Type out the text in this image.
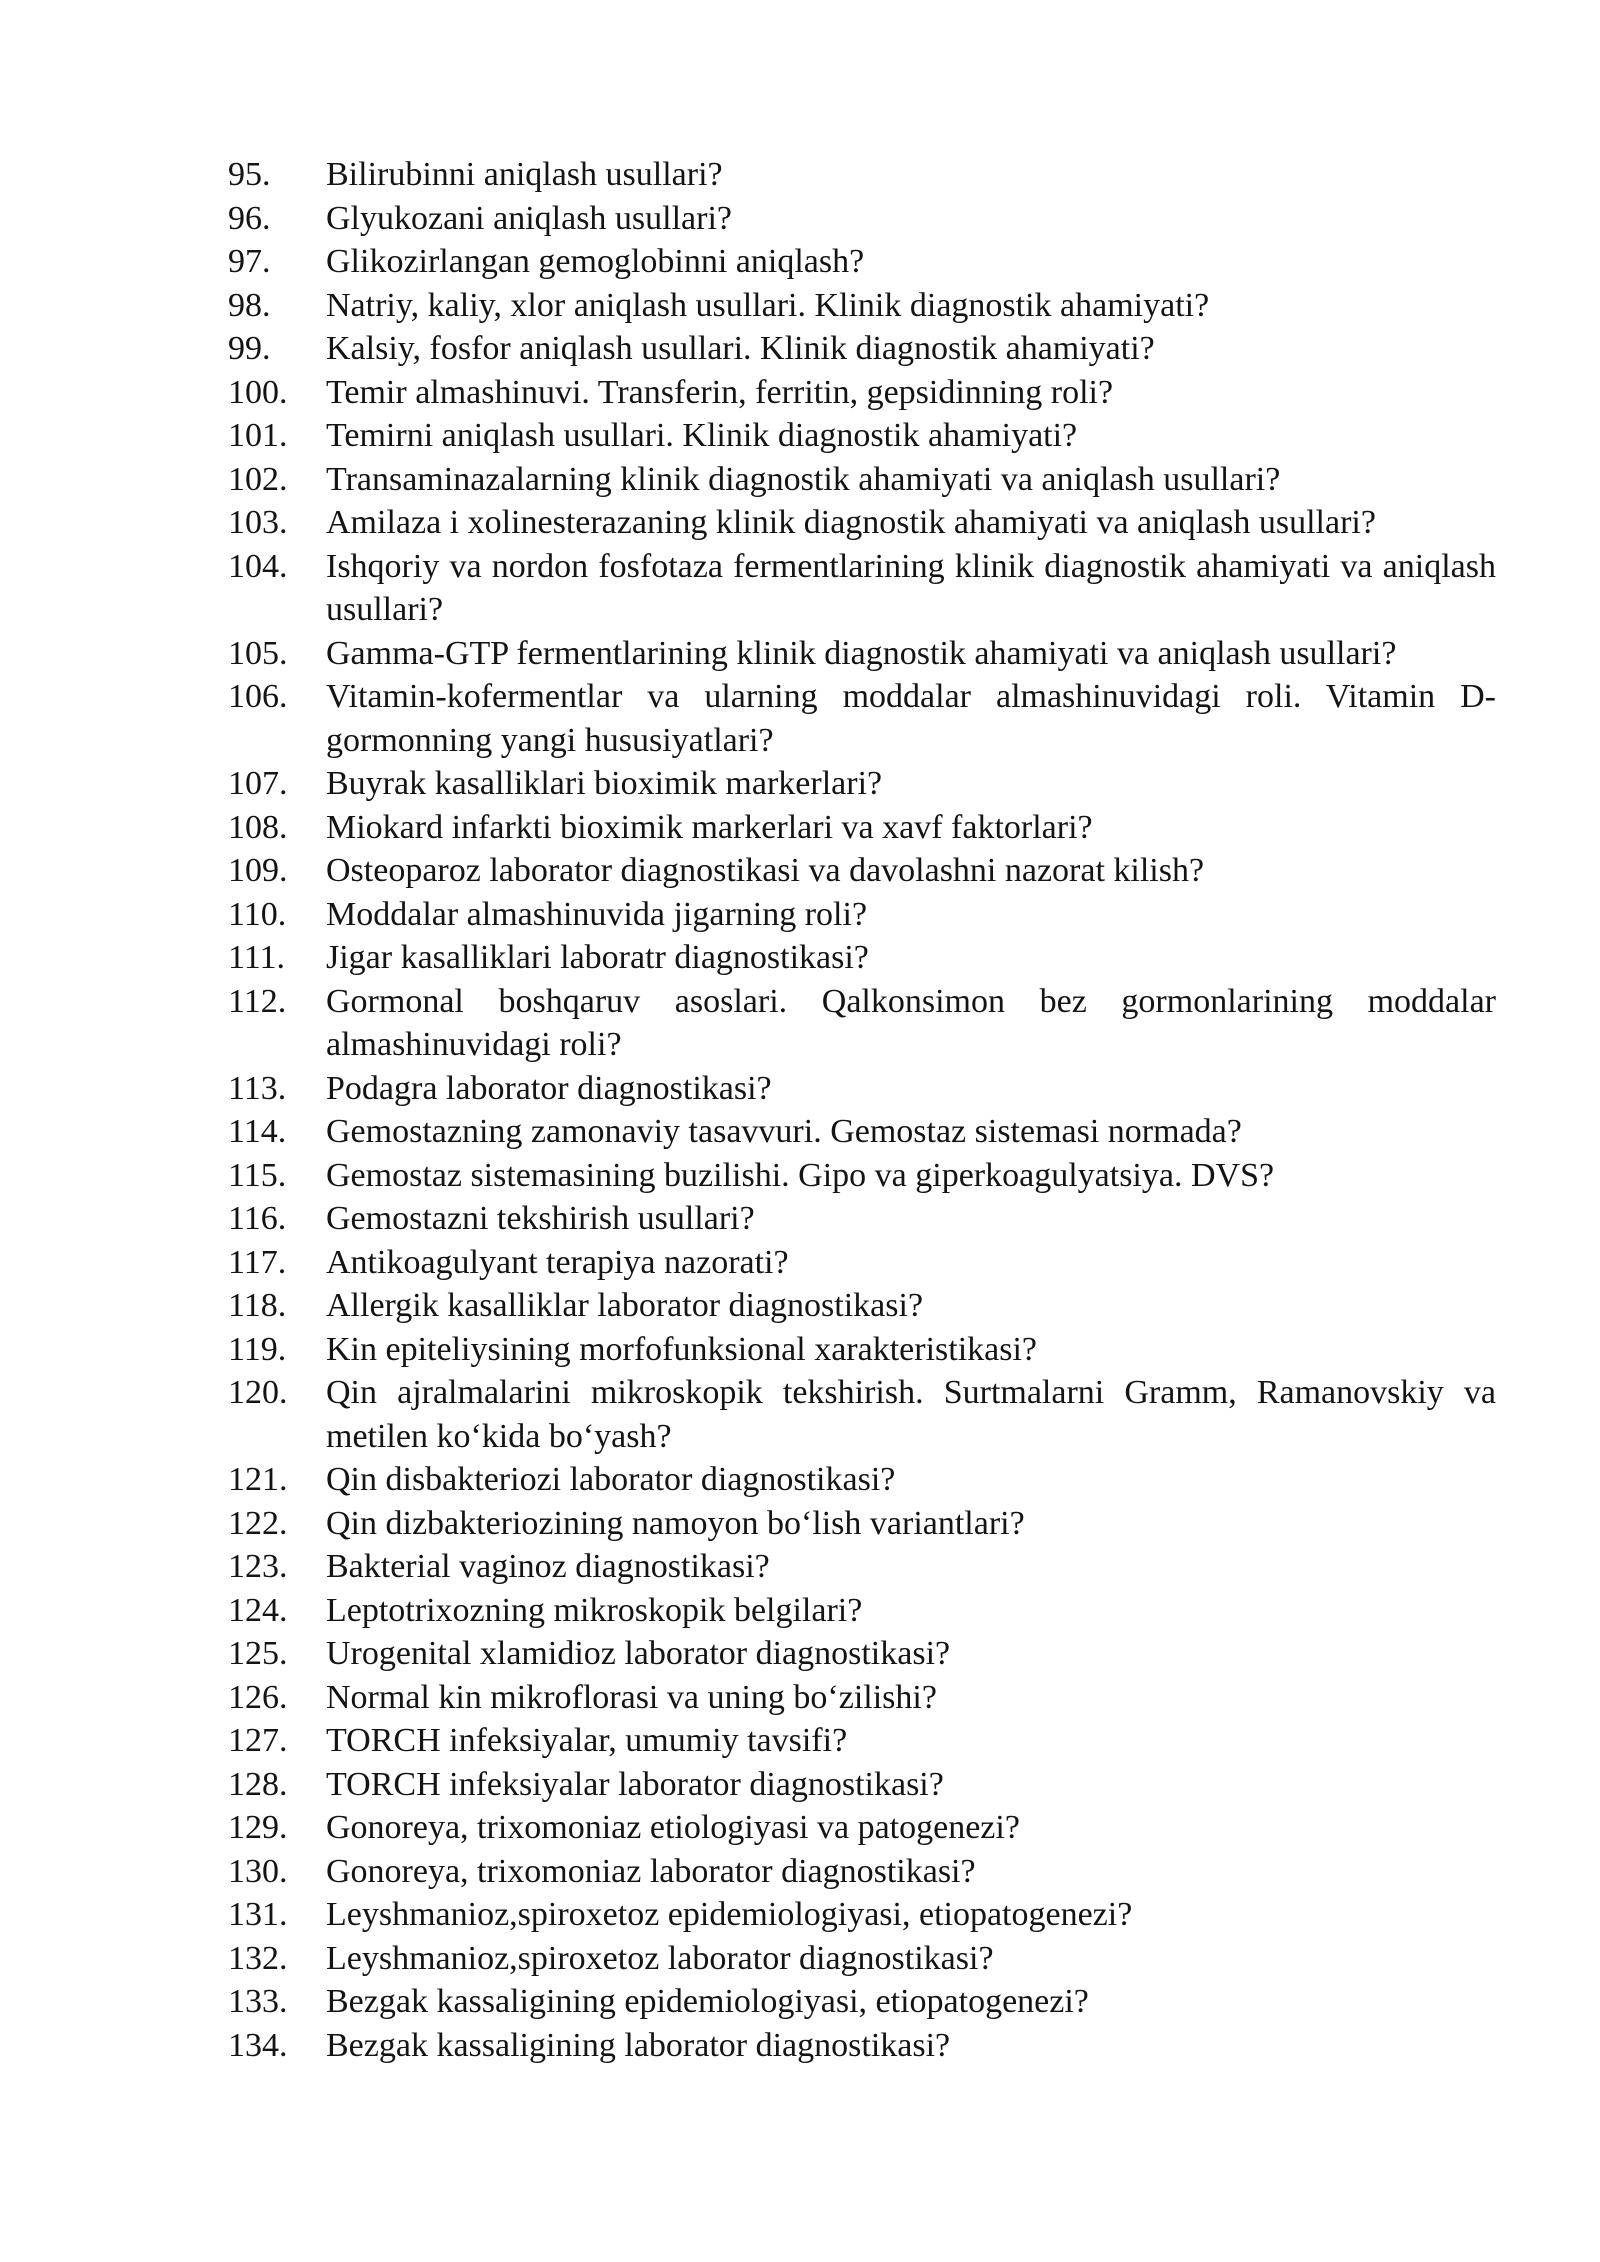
95.	Bilirubinni aniqlash usullari?
96.	Glyukozani aniqlash usullari?
97.	Glikozirlangan gemoglobinni aniqlash?
98.	Natriy, kaliy, xlor aniqlash usullari. Klinik diagnostik ahamiyati?
99.	Kalsiy, fosfor aniqlash usullari. Klinik diagnostik ahamiyati?
100.	Temir almashinuvi. Transferin, ferritin, gepsidinning roli?
101.	Temirni aniqlash usullari. Klinik diagnostik ahamiyati?
102.	Transaminazalarning klinik diagnostik ahamiyati va aniqlash usullari?
103.	Amilaza i xolinesterazaning klinik diagnostik ahamiyati va aniqlash usullari?
104.	Ishqoriy va nordon fosfotaza fermentlarining klinik diagnostik ahamiyati va aniqlash usullari?
105.	Gamma-GTP fermentlarining klinik diagnostik ahamiyati va aniqlash usullari?
106.	Vitamin-kofermentlar va ularning moddalar almashinuvidagi roli. Vitamin D-gormonning yangi hususiyatlari?
107.	Buyrak kasalliklari bioximik markerlari?
108.	Miokard infarkti bioximik markerlari va xavf faktorlari?
109.	Osteoparoz laborator diagnostikasi va davolashni nazorat kilish?
110.	Moddalar almashinuvida jigarning roli?
111.	Jigar kasalliklari laboratr diagnostikasi?
112.	Gormonal boshqaruv asoslari. Qalkonsimon bez gormonlarining moddalar almashinuvidagi roli?
113.	Podagra laborator diagnostikasi?
114.	Gemostazning zamonaviy tasavvuri. Gemostaz sistemasi normada?
115.	Gemostaz sistemasining buzilishi. Gipo va giperkoagulyatsiya. DVS?
116.	Gemostazni tekshirish usullari?
117.	Antikoagulyant terapiya nazorati?
118.	Allergik kasalliklar laborator diagnostikasi?
119.	Kin epiteliysining morfofunksional xarakteristikasi?
120.	Qin ajralmalarini mikroskopik tekshirish. Surtmalarni Gramm, Ramanovskiy va metilen ko‘kida bo‘yash?
121.	Qin disbakteriozi laborator diagnostikasi?
122.	Qin dizbakteriozining namoyon bo‘lish variantlari?
123.	Bakterial vaginoz diagnostikasi?
124.	Leptotrixozning mikroskopik belgilari?
125.	Urogenital xlamidioz laborator diagnostikasi?
126.	Normal kin mikroflorasi va uning bo‘zilishi?
127.	TORCH infeksiyalar, umumiy tavsifi?
128.	TORCH infeksiyalar laborator diagnostikasi?
129.	Gonoreya, trixomoniaz etiologiyasi va patogenezi?
130.	Gonoreya, trixomoniaz laborator diagnostikasi?
131.	Leyshmanioz,spiroxetoz epidemiologiyasi, etiopatogenezi?
132.	Leyshmanioz,spiroxetoz laborator diagnostikasi?
133.	Bezgak kassaligining epidemiologiyasi, etiopatogenezi?
134.	Bezgak kassaligining laborator diagnostikasi?
